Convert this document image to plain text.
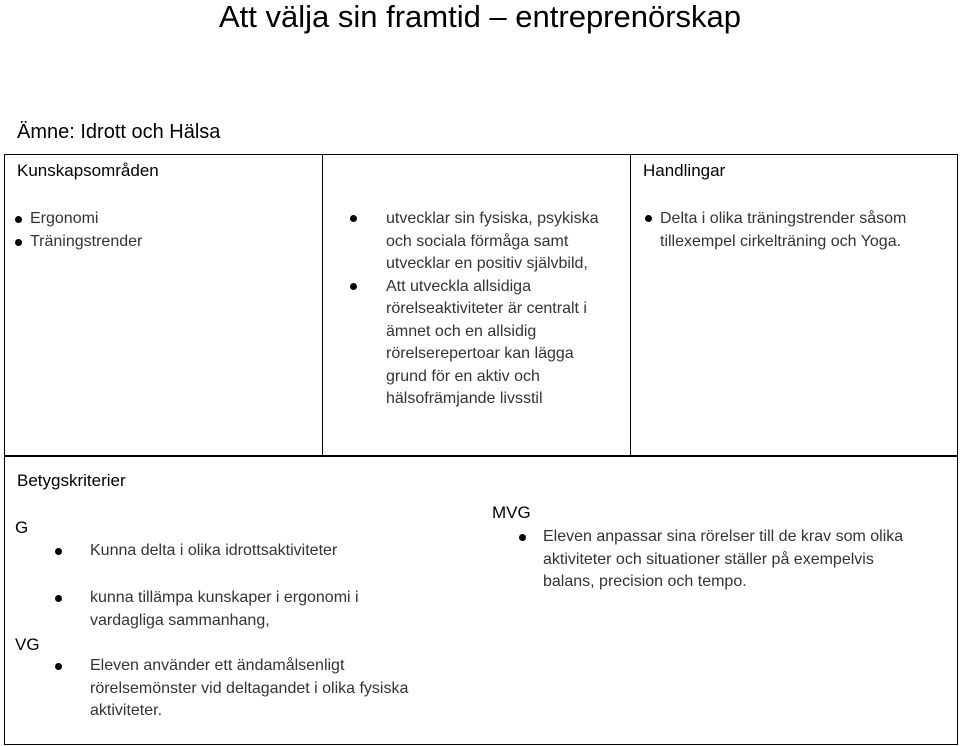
Att välja sin framtid – entreprenörskap
Ämne: Idrott och Hälsa
Kunskapsområden
Ergonomi
Träningstrender
utvecklar sin fysiska, psykiska
och sociala förmåga samt
utvecklar en positiv självbild,
Att utveckla allsidiga
rörelseaktiviteter är centralt i
ämnet och en allsidig
rörelserepertoar kan lägga
grund för en aktiv och
hälsofrämjande livsstil
Handlingar
Delta i olika träningstrender såsom
tillexempel cirkelträning och Yoga.
Betygskriterier
G
VG
MVG
Kunna delta i olika idrottsaktiviteter
kunna tillämpa kunskaper i ergonomi i
vardagliga sammanhang,
Eleven använder ett ändamålsenligt
rörelsemönster vid deltagandet i olika fysiska
aktiviteter.
Eleven anpassar sina rörelser till de krav som olika
aktiviteter och situationer ställer på exempelvis
balans, precision och tempo.
